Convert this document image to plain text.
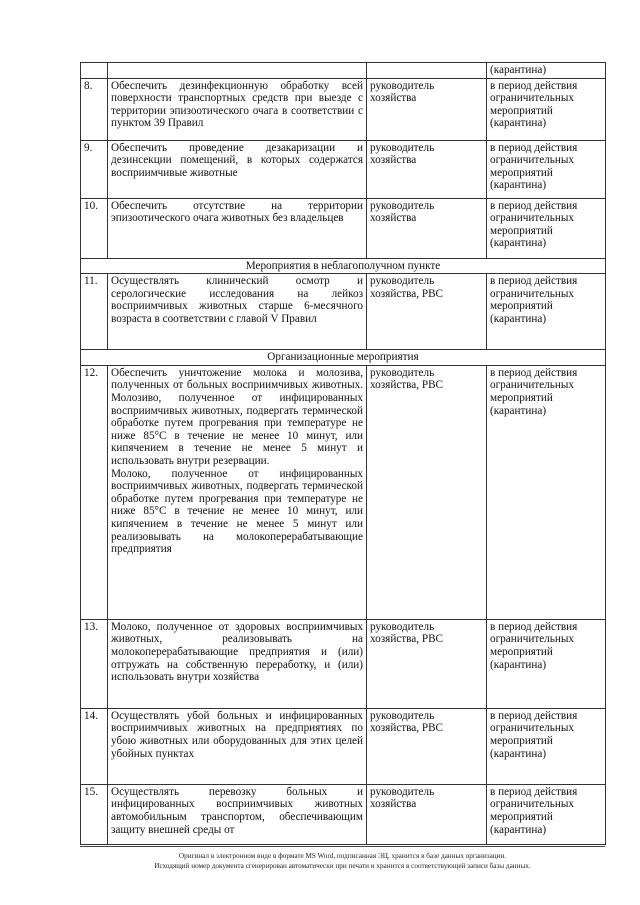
			(карантина)
8.	Обеспечить дезинфекционную обработку всей поверхности транспортных средств при выезде с территории эпизоотического очага в соответствии с пунктом 39 Правил	руководитель хозяйства	в период действия ограничительных мероприятий (карантина)
9.	Обеспечить проведение дезакаризации и дезинсекции помещений, в которых содержатся восприимчивые животные	руководитель хозяйства	в период действия ограничительных мероприятий (карантина)
10.	Обеспечить отсутствие на территории эпизоотического очага животных без владельцев	руководитель хозяйства	в период действия ограничительных мероприятий (карантина)
Мероприятия в неблагополучном пункте			
11.	Осуществлять клинический осмотр и серологические исследования на лейкоз восприимчивых животных старше 6-месячного возраста в соответствии с главой V Правил	руководитель хозяйства, РВС	в период действия ограничительных мероприятий (карантина)
Организационные мероприятия			
12.	Обеспечить уничтожение молока и молозива, полученных от больных восприимчивых животных. Молозиво, полученное от инфицированных восприимчивых животных, подвергать термической обработке путем прогревания при температуре не ниже 85°С в течение не менее 10 минут, или кипячением в течение не менее 5 минут и использовать внутри резервации.
Молоко, полученное от инфицированных восприимчивых животных, подвергать термической обработке путем прогревания при температуре не ниже 85°С в течение не менее 10 минут, или кипячением в течение не менее 5 минут или реализовывать на молокоперерабатывающие предприятия	руководитель хозяйства, РВС	в период действия ограничительных мероприятий (карантина)
13.	Молоко, полученное от здоровых восприимчивых животных, реализовывать на молокоперерабатывающие предприятия и (или) отгружать на собственную переработку, и (или) использовать внутри хозяйства	руководитель хозяйства, РВС	в период действия ограничительных мероприятий (карантина)
14.	Осуществлять убой больных и инфицированных восприимчивых животных на предприятиях по убою животных или оборудованных для этих целей убойных пунктах	руководитель хозяйства, РВС	в период действия ограничительных мероприятий (карантина)
15.	Осуществлять перевозку больных и инфицированных восприимчивых животных автомобильным транспортом, обеспечивающим защиту внешней среды от	руководитель хозяйства	в период действия ограничительных мероприятий (карантина)
Оригинал в электронном виде в формате MS Word, подписанная ЭЦ, хранится в базе данных организации.
Исходящий номер документа сгенерирован автоматически при печати и хранится в соответствующей записи базы данных.
